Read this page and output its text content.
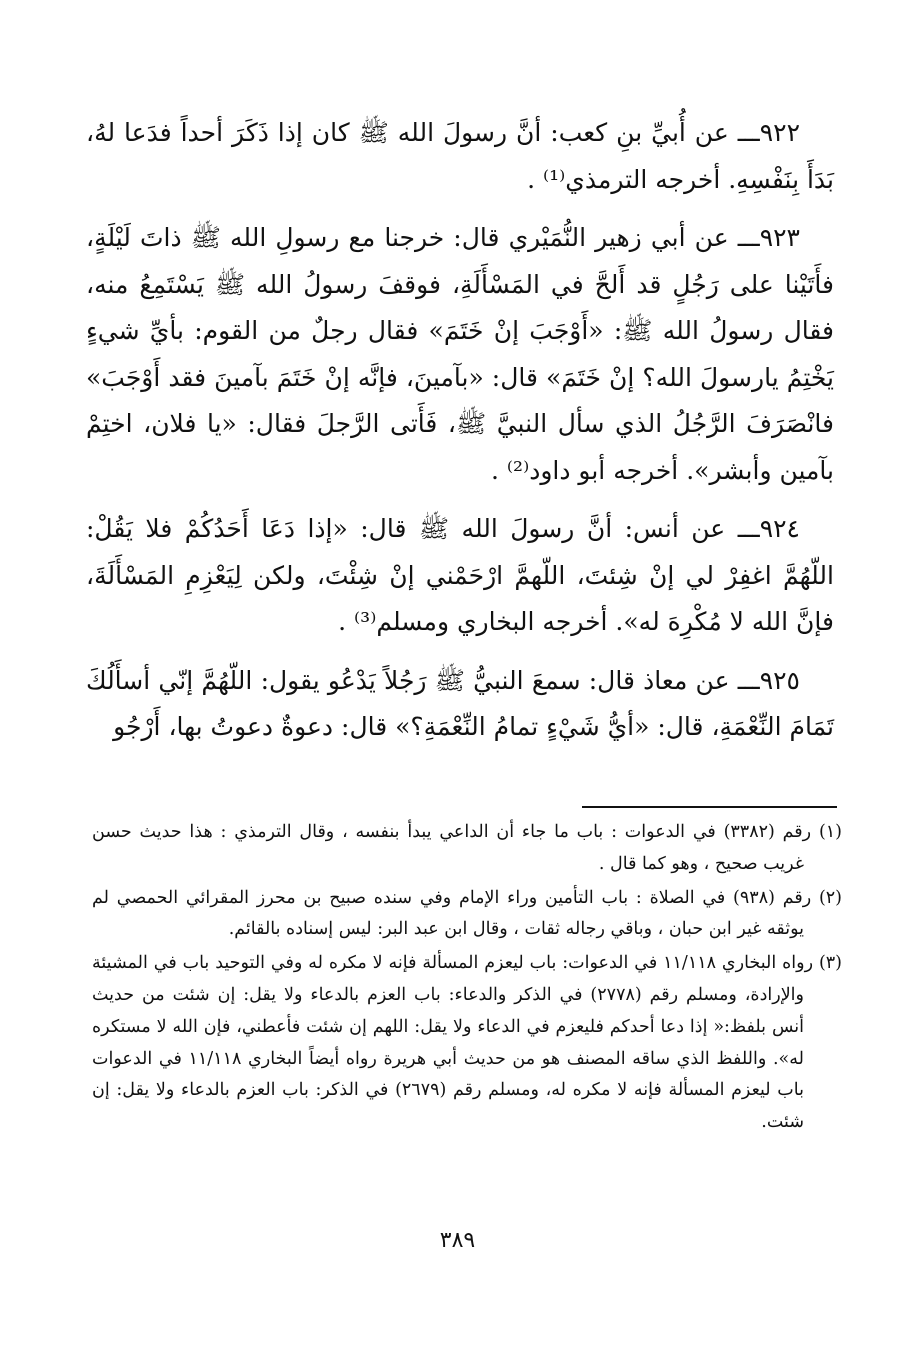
٩٢٢ـــ عن أُبيِّ بنِ كعب: أنَّ رسولَ الله ﷺ كان إذا ذَكَرَ أحداً فدَعا لهُ، بَدَأَ بِنَفْسِهِ. أخرجه الترمذي⁽¹⁾ .

٩٢٣ـــ عن أبي زهير النُّمَيْري قال: خرجنا مع رسولِ الله ﷺ ذاتَ لَيْلَةٍ، فأَتَيْنا على رَجُلٍ قد أَلحَّ في المَسْأَلَةِ، فوقفَ رسولُ الله ﷺ يَسْتَمِعُ منه، فقال رسولُ الله ﷺ: «أَوْجَبَ إنْ خَتَمَ» فقال رجلٌ من القوم: بأيِّ شيءٍ يَخْتِمُ يارسولَ الله؟ إنْ خَتَمَ» قال: «بآمينَ، فإنَّه إنْ خَتَمَ بآمينَ فقد أَوْجَبَ» فانْصَرَفَ الرَّجُلُ الذي سأل النبيَّ ﷺ، فَأَتى الرَّجلَ فقال: «يا فلان، اختِمْ بآمين وأبشر». أخرجه أبو داود⁽²⁾ .

٩٢٤ـــ عن أنس: أنَّ رسولَ الله ﷺ قال: «إذا دَعَا أَحَدُكُمْ فلا يَقُلْ: اللّهُمَّ اغفِرْ لي إنْ شِئتَ، اللّهمَّ ارْحَمْني إنْ شِئْتَ، ولكن لِيَعْزِمِ المَسْأَلَةَ، فإنَّ الله لا مُكْرِهَ له». أخرجه البخاري ومسلم⁽³⁾ .

٩٢٥ـــ عن معاذ قال: سمعَ النبيُّ ﷺ رَجُلاً يَدْعُو يقول: اللّهُمَّ إنّي أسأَلُكَ تَمَامَ النِّعْمَةِ، قال: «أيُّ شَيْءٍ تمامُ النِّعْمَةِ؟» قال: دعوةٌ دعوتُ بها، أَرْجُو

(١) رقم (٣٣٨٢) في الدعوات : باب ما جاء أن الداعي يبدأ بنفسه ، وقال الترمذي : هذا حديث حسن غريب صحيح ، وهو كما قال .

(٢) رقم (٩٣٨) في الصلاة : باب التأمين وراء الإمام وفي سنده صبيح بن محرز المقرائي الحمصي لم يوثقه غير ابن حبان ، وباقي رجاله ثقات ، وقال ابن عبد البر: ليس إسناده بالقائم.

(٣) رواه البخاري ١١/١١٨ في الدعوات: باب ليعزم المسألة فإنه لا مكره له وفي التوحيد باب في المشيئة والإرادة، ومسلم رقم (٢٧٧٨) في الذكر والدعاء: باب العزم بالدعاء ولا يقل: إن شئت من حديث أنس بلفظ:« إذا دعا أحدكم فليعزم في الدعاء ولا يقل: اللهم إن شئت فأعطني، فإن الله لا مستكره له». واللفظ الذي ساقه المصنف هو من حديث أبي هريرة رواه أيضاً البخاري ١١/١١٨ في الدعوات باب ليعزم المسألة فإنه لا مكره له، ومسلم رقم (٢٦٧٩) في الذكر: باب العزم بالدعاء ولا يقل: إن شئت.

٣٨٩
